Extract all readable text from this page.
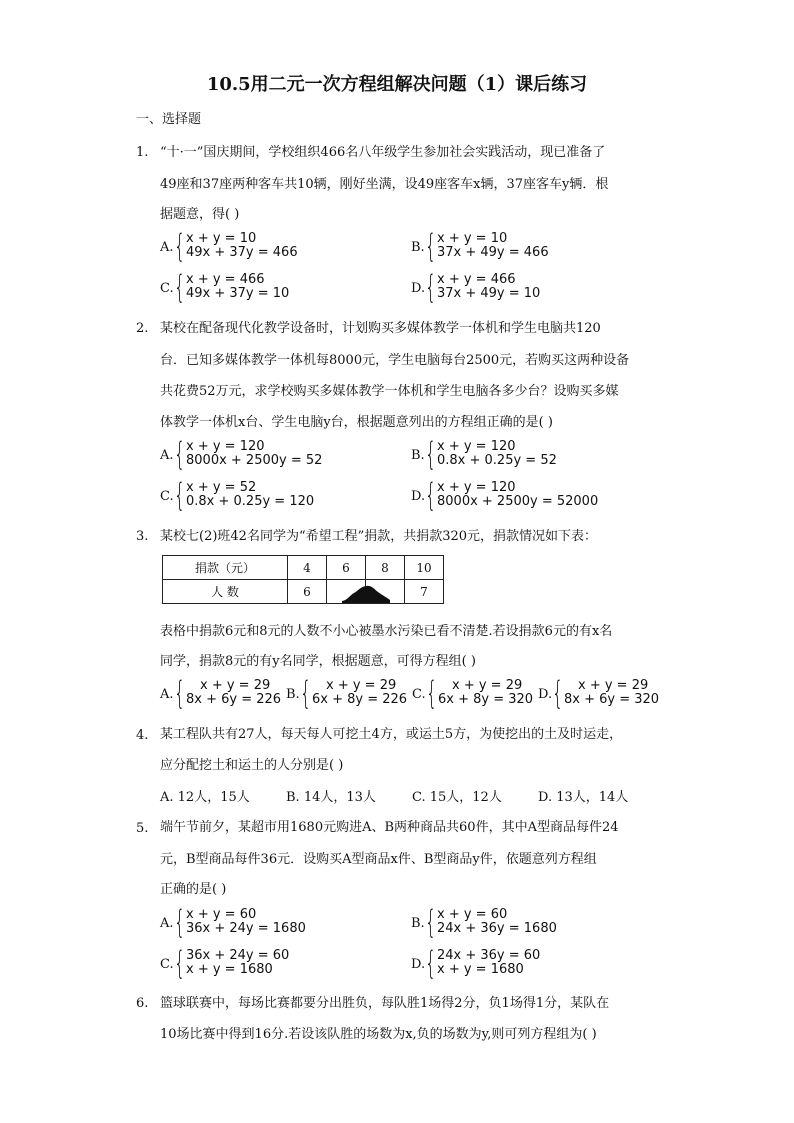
10.5用二元一次方程组解决问题（1）课后练习
一、选择题
1. “十·一”国庆期间，学校组织466名八年级学生参加社会实践活动，现已准备了
49座和37座两种客车共10辆，刚好坐满，设49座客车x辆，37座客车y辆．根
据题意，得( )
A. { x + y = 10
49x + 37y = 466	B. { x + y = 10
37x + 49y = 466
C. { x + y = 466
49x + 37y = 10	D. { x + y = 466
37x + 49y = 10
2. 某校在配备现代化教学设备时，计划购买多媒体教学一体机和学生电脑共120
台．已知多媒体教学一体机每8000元，学生电脑每台2500元，若购买这两种设备
共花费52万元，求学校购买多媒体教学一体机和学生电脑各多少台？设购买多媒
体教学一体机x台、学生电脑y台，根据题意列出的方程组正确的是( )
A. { x + y = 120
8000x + 2500y = 52	B. { x + y = 120
0.8x + 0.25y = 52
C. { x + y = 52
0.8x + 0.25y = 120	D. { x + y = 120
8000x + 2500y = 52000
3. 某校七(2)班42名同学为“希望工程”捐款，共捐款320元，捐款情况如下表：
捐款（元）	4	6	8	10
人 数	6			7
表格中捐款6元和8元的人数不小心被墨水污染已看不清楚.若设捐款6元的有x名
同学，捐款8元的有y名同学，根据题意，可得方程组( )
A. {	x + y = 29
8x + 6y = 226 B. {	x + y = 29
6x + 8y = 226 C. {	x + y = 29
6x + 8y = 320 D. {	x + y = 29
8x + 6y = 320
4. 某工程队共有27人，每天每人可挖土4方，或运土5方，为使挖出的土及时运走，
应分配挖土和运土的人分别是( )
A. 12人，15人	B. 14人，13人	C. 15人，12人	D. 13人，14人
5. 端午节前夕，某超市用1680元购进A、B两种商品共60件，其中A型商品每件24
元，B型商品每件36元．设购买A型商品x件、B型商品y件，依题意列方程组
正确的是( )
A. { x + y = 60
36x + 24y = 1680	B. { x + y = 60
24x + 36y = 1680
C. { 36x + 24y = 60
x + y = 1680	D. { 24x + 36y = 60
x + y = 1680
6. 篮球联赛中，每场比赛都要分出胜负，每队胜1场得2分，负1场得1分，某队在
10场比赛中得到16分.若设该队胜的场数为x,负的场数为y,则可列方程组为( )
